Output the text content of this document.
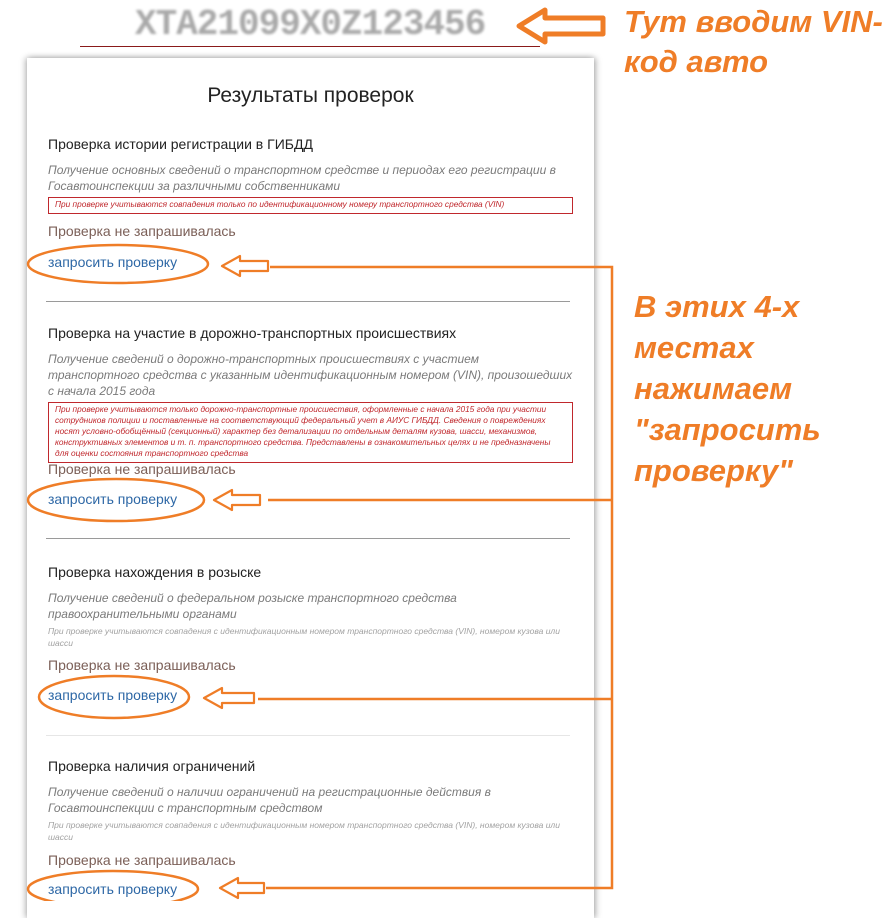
XTA21099X0Z123456	Тут вводим VIN-код авто
Результаты проверок
Проверка истории регистрации в ГИБДД
Получение основных сведений о транспортном средстве и периодах его регистрации в Госавтоинспекции за различными собственниками
При проверке учитываются совпадения только по идентификационному номеру транспортного средства (VIN)
Проверка не запрашивалась
запросить проверку
Проверка на участие в дорожно-транспортных происшествиях
Получение сведений о дорожно-транспортных происшествиях с участием транспортного средства с указанным идентификационным номером (VIN), произошедших с начала 2015 года
При проверке учитываются только дорожно-транспортные происшествия, оформленные с начала 2015 года при участии сотрудников полиции и поставленные на соответствующий федеральный учет в АИУС ГИБДД. Сведения о повреждениях носят условно-обобщённый (секционный) характер без детализации по отдельным деталям кузова, шасси, механизмов, конструктивных элементов и т. п. транспортного средства. Представлены в ознакомительных целях и не предназначены для оценки состояния транспортного средства
Проверка не запрашивалась
запросить проверку
Проверка нахождения в розыске
Получение сведений о федеральном розыске транспортного средства правоохранительными органами
При проверке учитываются совпадения с идентификационным номером транспортного средства (VIN), номером кузова или шасси
Проверка не запрашивалась
запросить проверку
Проверка наличия ограничений
Получение сведений о наличии ограничений на регистрационные действия в Госавтоинспекции с транспортным средством
При проверке учитываются совпадения с идентификационным номером транспортного средства (VIN), номером кузова или шасси
Проверка не запрашивалась
запросить проверку
В этих 4-х местах нажимаем "запросить проверку"
